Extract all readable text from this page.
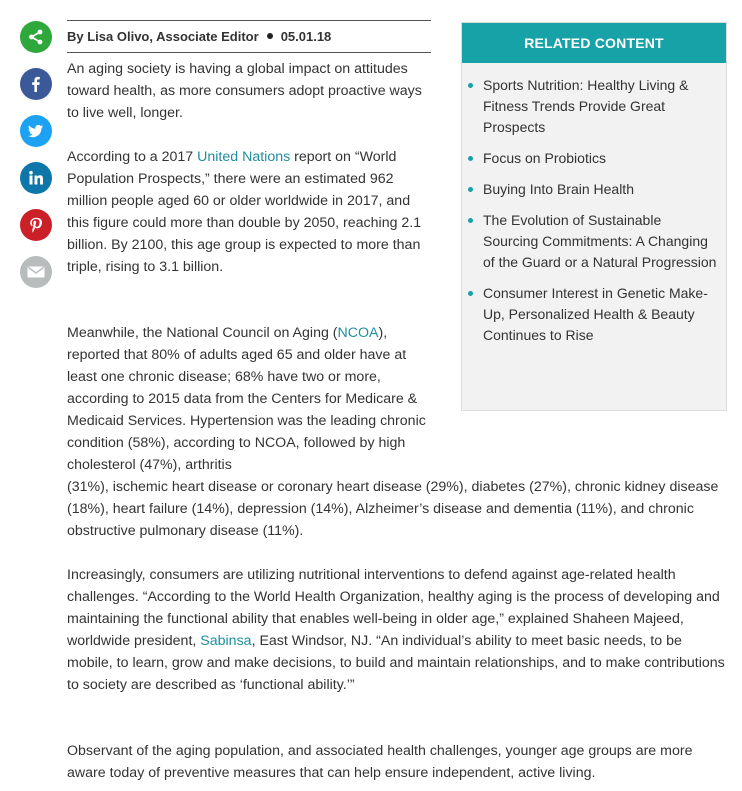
By Lisa Olivo, Associate Editor 05.01.18

An aging society is having a global impact on attitudes toward health, as more consumers adopt proactive ways to live well, longer.

According to a 2017 United Nations report on “World Population Prospects,” there were an estimated 962 million people aged 60 or older worldwide in 2017, and this figure could more than double by 2050, reaching 2.1 billion. By 2100, this age group is expected to more than triple, rising to 3.1 billion.

Meanwhile, the National Council on Aging (NCOA), reported that 80% of adults aged 65 and older have at least one chronic disease; 68% have two or more, according to 2015 data from the Centers for Medicare & Medicaid Services. Hypertension was the leading chronic condition (58%), according to NCOA, followed by high cholesterol (47%), arthritis

(31%), ischemic heart disease or coronary heart disease (29%), diabetes (27%), chronic kidney disease (18%), heart failure (14%), depression (14%), Alzheimer’s disease and dementia (11%), and chronic obstructive pulmonary disease (11%).

Increasingly, consumers are utilizing nutritional interventions to defend against age-related health challenges. “According to the World Health Organization, healthy aging is the process of developing and maintaining the functional ability that enables well-being in older age,” explained Shaheen Majeed, worldwide president, Sabinsa, East Windsor, NJ. “An individual’s ability to meet basic needs, to be mobile, to learn, grow and make decisions, to build and maintain relationships, and to make contributions to society are described as ‘functional ability.’”

Observant of the aging population, and associated health challenges, younger age groups are more aware today of preventive measures that can help ensure independent, active living.

RELATED CONTENT
Sports Nutrition: Healthy Living & Fitness Trends Provide Great Prospects
Focus on Probiotics
Buying Into Brain Health
The Evolution of Sustainable Sourcing Commitments: A Changing of the Guard or a Natural Progression
Consumer Interest in Genetic Make-Up, Personalized Health & Beauty Continues to Rise
